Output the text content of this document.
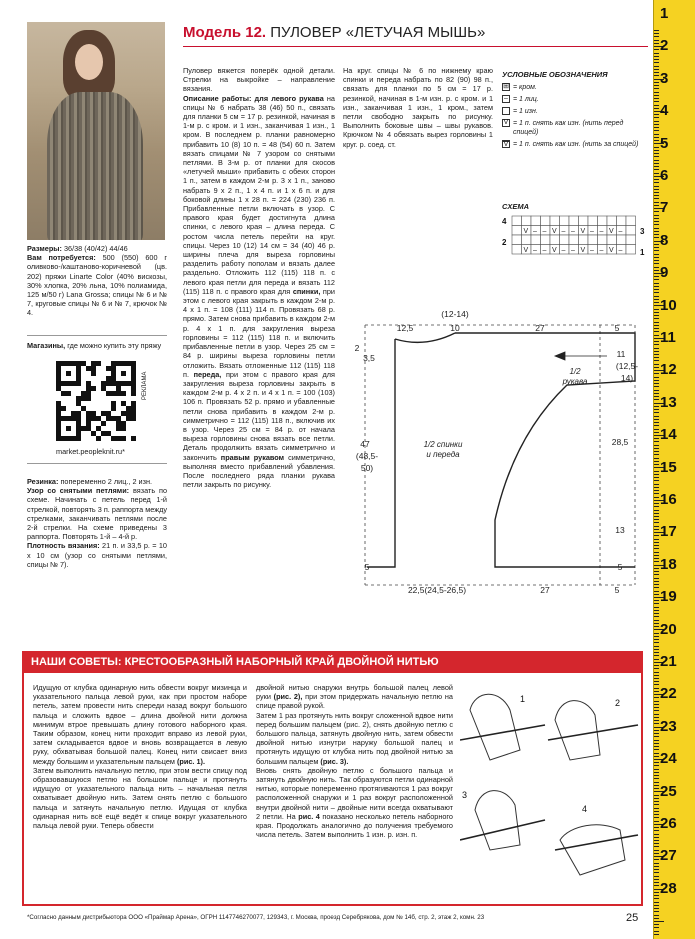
Модель 12. ПУЛОВЕР «ЛЕТУЧАЯ МЫШЬ»
Размеры: 36/38 (40/42) 44/46
Вам потребуется: 500 (550) 600 г оливково-/каштаново-коричневой (цв. 202) пряжи Linarte Color (40% вискозы, 30% хлопка, 20% льна, 10% полиамида, 125 м/50 г) Lana Grossa; спицы № 6 и № 7, круговые спицы № 6 и № 7, крючок № 4.
Магазины, где можно купить эту пряжу
РЕКЛАМА
market.peopleknit.ru*
Резинка: попеременно 2 лиц., 2 изн.
Узор со снятыми петлями: вязать по схеме. Начинать с петель перед 1-й стрелкой, повторять 3 п. раппорта между стрелками, заканчивать петлями после 2-й стрелки. На схеме приведены 3 раппорта. Повторять 1-й – 4-й р.
Плотность вязания: 21 п. и 33,5 р. = 10 х 10 см (узор со снятыми петлями, спицы № 7).
Пуловер вяжется поперёк одной детали. Стрелки на выкройке – направление вязания.
Описание работы: для левого рукава на спицы № 6 набрать 38 (46) 50 п., связать для планки 5 см = 17 р. резинкой, начиная в 1-м р. с кром. и 1 изн., заканчивая 1 изн., 1 кром. В последнем р. планки равномерно прибавить 10 (8) 10 п. = 48 (54) 60 п. Затем вязать спицами № 7 узором со снятыми петлями. В 3-м р. от планки для скосов «летучей мыши» прибавить с обеих сторон 1 п., затем в каждом 2-м р. 3 х 1 п., заново набрать 9 х 2 п., 1 х 4 п. и 1 х 6 п. и для боковой длины 1 х 28 п. = 224 (230) 236 п. Прибавленные петли включать в узор. С правого края будет достигнута длина спинки, с левого края – длина переда. С ростом числа петель перейти на круг. спицы. Через 10 (12) 14 см = 34 (40) 46 р. ширины плеча для выреза горловины разделить работу пополам и вязать далее раздельно. Отложить 112 (115) 118 п. с левого края петли для переда и вязать 112 (115) 118 п. с правого края для спинки, при этом с левого края закрыть в каждом 2-м р. 4 х 1 п. = 108 (111) 114 п. Провязать 68 р. прямо. Затем снова прибавить в каждом 2-м р. 4 х 1 п. для закругления выреза горловины = 112 (115) 118 п. и включить прибавленные петли в узор. Через 25 см = 84 р. ширины выреза горловины петли отложить. Вязать отложенные 112 (115) 118 п. переда, при этом с правого края для закругления выреза горловины закрыть в каждом 2-м р. 4 х 2 п. и 4 х 1 п. = 100 (103) 106 п. Провязать 52 р. прямо и убавленные петли снова прибавить в каждом 2-м р. симметрично = 112 (115) 118 п., включив их в узор. Через 25 см = 84 р. от начала выреза горловины снова вязать все петли. Деталь продолжить вязать симметрично и закончить правым рукавом симметрично, выполняя вместо прибавлений убавления. После последнего ряда планки рукава петли закрыть по рисунку.
На круг. спицы № 6 по нижнему краю спинки и переда набрать по 82 (90) 98 п., связать для планки по 5 см = 17 р. резинкой, начиная в 1-м изн. р. с кром. и 1 изн., заканчивая 1 изн., 1 кром., затем петли свободно закрыть по рисунку. Выполнить боковые швы – швы рукавов. Крючком № 4 обвязать вырез горловины 1 круг. р. соед. ст.
УСЛОВНЫЕ ОБОЗНАЧЕНИЯ
⊞ = кром.
– = 1 лиц.
= 1 изн.
V = 1 п. снять как изн. (нить перед спицей)
V = 1 п. снять как изн. (нить за спицей)
СХЕМА
4
2
3
1
V – – V – – V – – V –
V – – V – – V – – V –
12,5
(12-14)
10	27	5
2
3,5
47
(48,5-
50)
5
11
(12,5-
14)
28,5
13
5
22,5(24,5-26,5)	27	5
1/2 спинки
и переда
1/2
рукава
НАШИ СОВЕТЫ: КРЕСТООБРАЗНЫЙ НАБОРНЫЙ КРАЙ ДВОЙНОЙ НИТЬЮ
Идущую от клубка одинарную нить обвести вокруг мизинца и указательного пальца левой руки, как при простом наборе петель, затем провести нить спереди назад вокруг большого пальца и сложить вдвое – длина двойной нити должна минимум втрое превышать длину готового наборного края. Таким образом, конец нити проходит вправо из левой руки, затем складывается вдвое и вновь возвращается в левую руку, обхватывая большой палец. Конец нити свисает вниз между большим и указательным пальцем (рис. 1).
Затем выполнить начальную петлю, при этом вести спицу под образовавшуюся петлю на большом пальце и протянуть идущую от указательного пальца нить – начальная петля охватывает двойную нить. Затем снять петлю с большого пальца и затянуть начальную петлю. Идущая от клубка одинарная нить всё ещё ведёт к спице вокруг указательного пальца левой руки. Теперь обвести
двойной нитью снаружи внутрь большой палец левой руки (рис. 2), при этом придержать начальную петлю на спице правой рукой.
Затем 1 раз протянуть нить вокруг сложенной вдвое нити перед большим пальцем (рис. 2), снять двойную петлю с большого пальца, затянуть двойную нить, затем обвести двойной нитью изнутри наружу большой палец и протянуть идущую от клубка нить под двойной нитью за большим пальцем (рис. 3).
Вновь снять двойную петлю с большого пальца и затянуть двойную нить. Так образуются петли одинарной нитью, которые попеременно протягиваются 1 раз вокруг расположенной снаружи и 1 раз вокруг расположенной внутри двойной нити – двойные нити всегда охватывают 2 петли. На рис. 4 показано несколько петель наборного края. Продолжать аналогично до получения требуемого числа петель. Затем выполнить 1 изн. р. изн. п.
1	2
3
4
*Согласно данным дистрибьютора ООО «Праймар Арена», ОГРН 1147746270077, 129343, г. Москва, проезд Серебрякова, дом № 14б, стр. 2, этаж 2, комн. 23	25
1
2
3
4
5
6
7
8
9
10
11
12
13
14
15
16
17
18
19
20
21
22
23
24
25
26
27
28
